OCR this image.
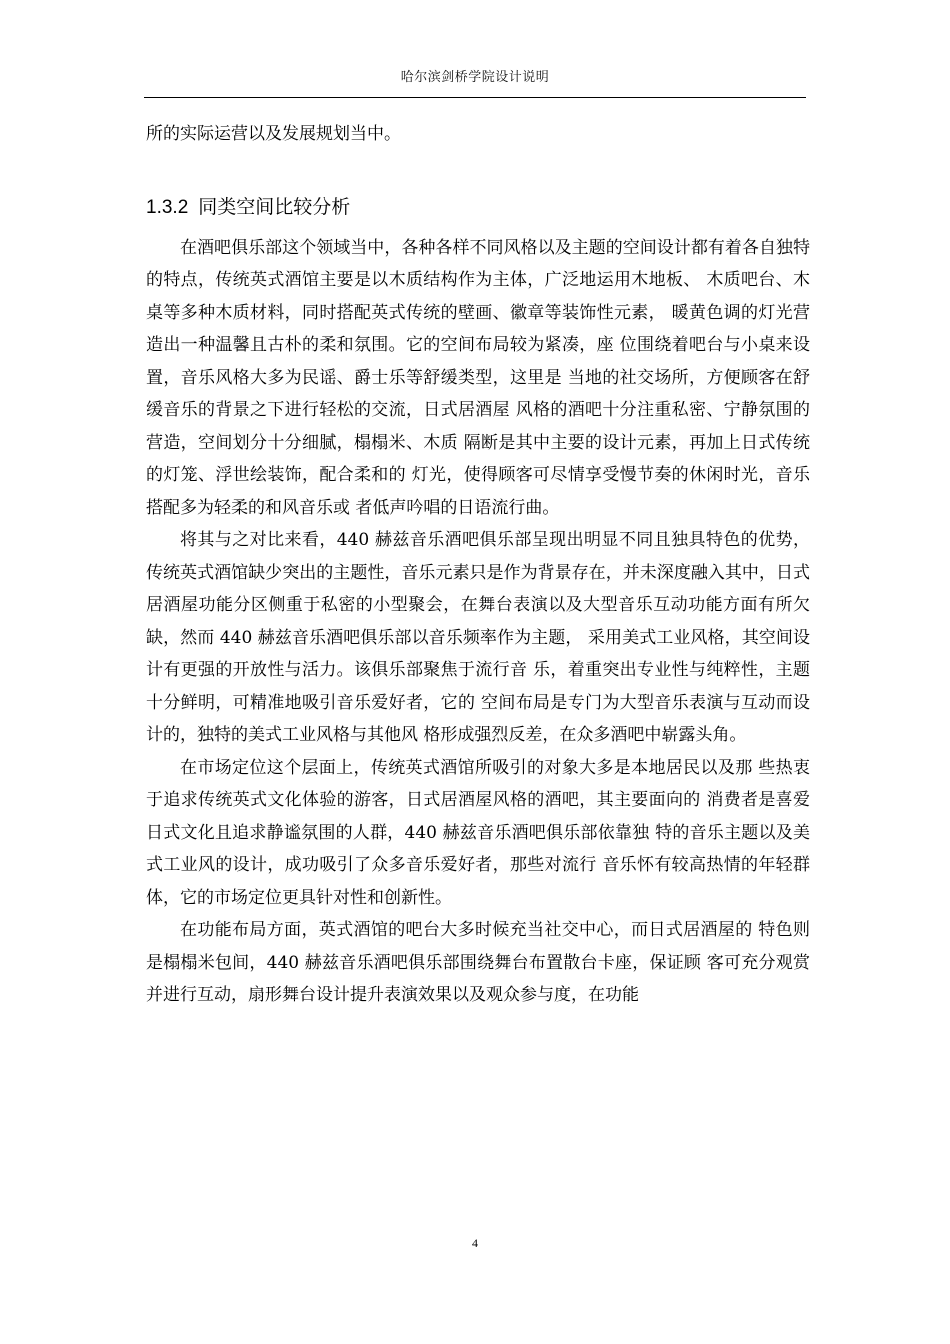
哈尔滨剑桥学院设计说明

所的实际运营以及发展规划当中。

1.3.2 同类空间比较分析

在酒吧俱乐部这个领域当中，各种各样不同风格以及主题的空间设计都有着各自独特的特点，传统英式酒馆主要是以木质结构作为主体，广泛地运用木地板、 木质吧台、木桌等多种木质材料，同时搭配英式传统的壁画、徽章等装饰性元素， 暖黄色调的灯光营造出一种温馨且古朴的柔和氛围。它的空间布局较为紧凑，座 位围绕着吧台与小桌来设置，音乐风格大多为民谣、爵士乐等舒缓类型，这里是 当地的社交场所，方便顾客在舒缓音乐的背景之下进行轻松的交流，日式居酒屋 风格的酒吧十分注重私密、宁静氛围的营造，空间划分十分细腻，榻榻米、木质 隔断是其中主要的设计元素，再加上日式传统的灯笼、浮世绘装饰，配合柔和的 灯光，使得顾客可尽情享受慢节奏的休闲时光，音乐搭配多为轻柔的和风音乐或 者低声吟唱的日语流行曲。

将其与之对比来看，440 赫兹音乐酒吧俱乐部呈现出明显不同且独具特色的优势，传统英式酒馆缺少突出的主题性，音乐元素只是作为背景存在，并未深度融入其中，日式居酒屋功能分区侧重于私密的小型聚会，在舞台表演以及大型音乐互动功能方面有所欠缺，然而 440 赫兹音乐酒吧俱乐部以音乐频率作为主题， 采用美式工业风格，其空间设计有更强的开放性与活力。该俱乐部聚焦于流行音 乐，着重突出专业性与纯粹性，主题十分鲜明，可精准地吸引音乐爱好者，它的 空间布局是专门为大型音乐表演与互动而设计的，独特的美式工业风格与其他风 格形成强烈反差，在众多酒吧中崭露头角。

在市场定位这个层面上，传统英式酒馆所吸引的对象大多是本地居民以及那 些热衷于追求传统英式文化体验的游客，日式居酒屋风格的酒吧，其主要面向的 消费者是喜爱日式文化且追求静谧氛围的人群，440 赫兹音乐酒吧俱乐部依靠独 特的音乐主题以及美式工业风的设计，成功吸引了众多音乐爱好者，那些对流行 音乐怀有较高热情的年轻群体，它的市场定位更具针对性和创新性。

在功能布局方面，英式酒馆的吧台大多时候充当社交中心，而日式居酒屋的 特色则是榻榻米包间，440 赫兹音乐酒吧俱乐部围绕舞台布置散台卡座，保证顾 客可充分观赏并进行互动，扇形舞台设计提升表演效果以及观众参与度，在功能

4
